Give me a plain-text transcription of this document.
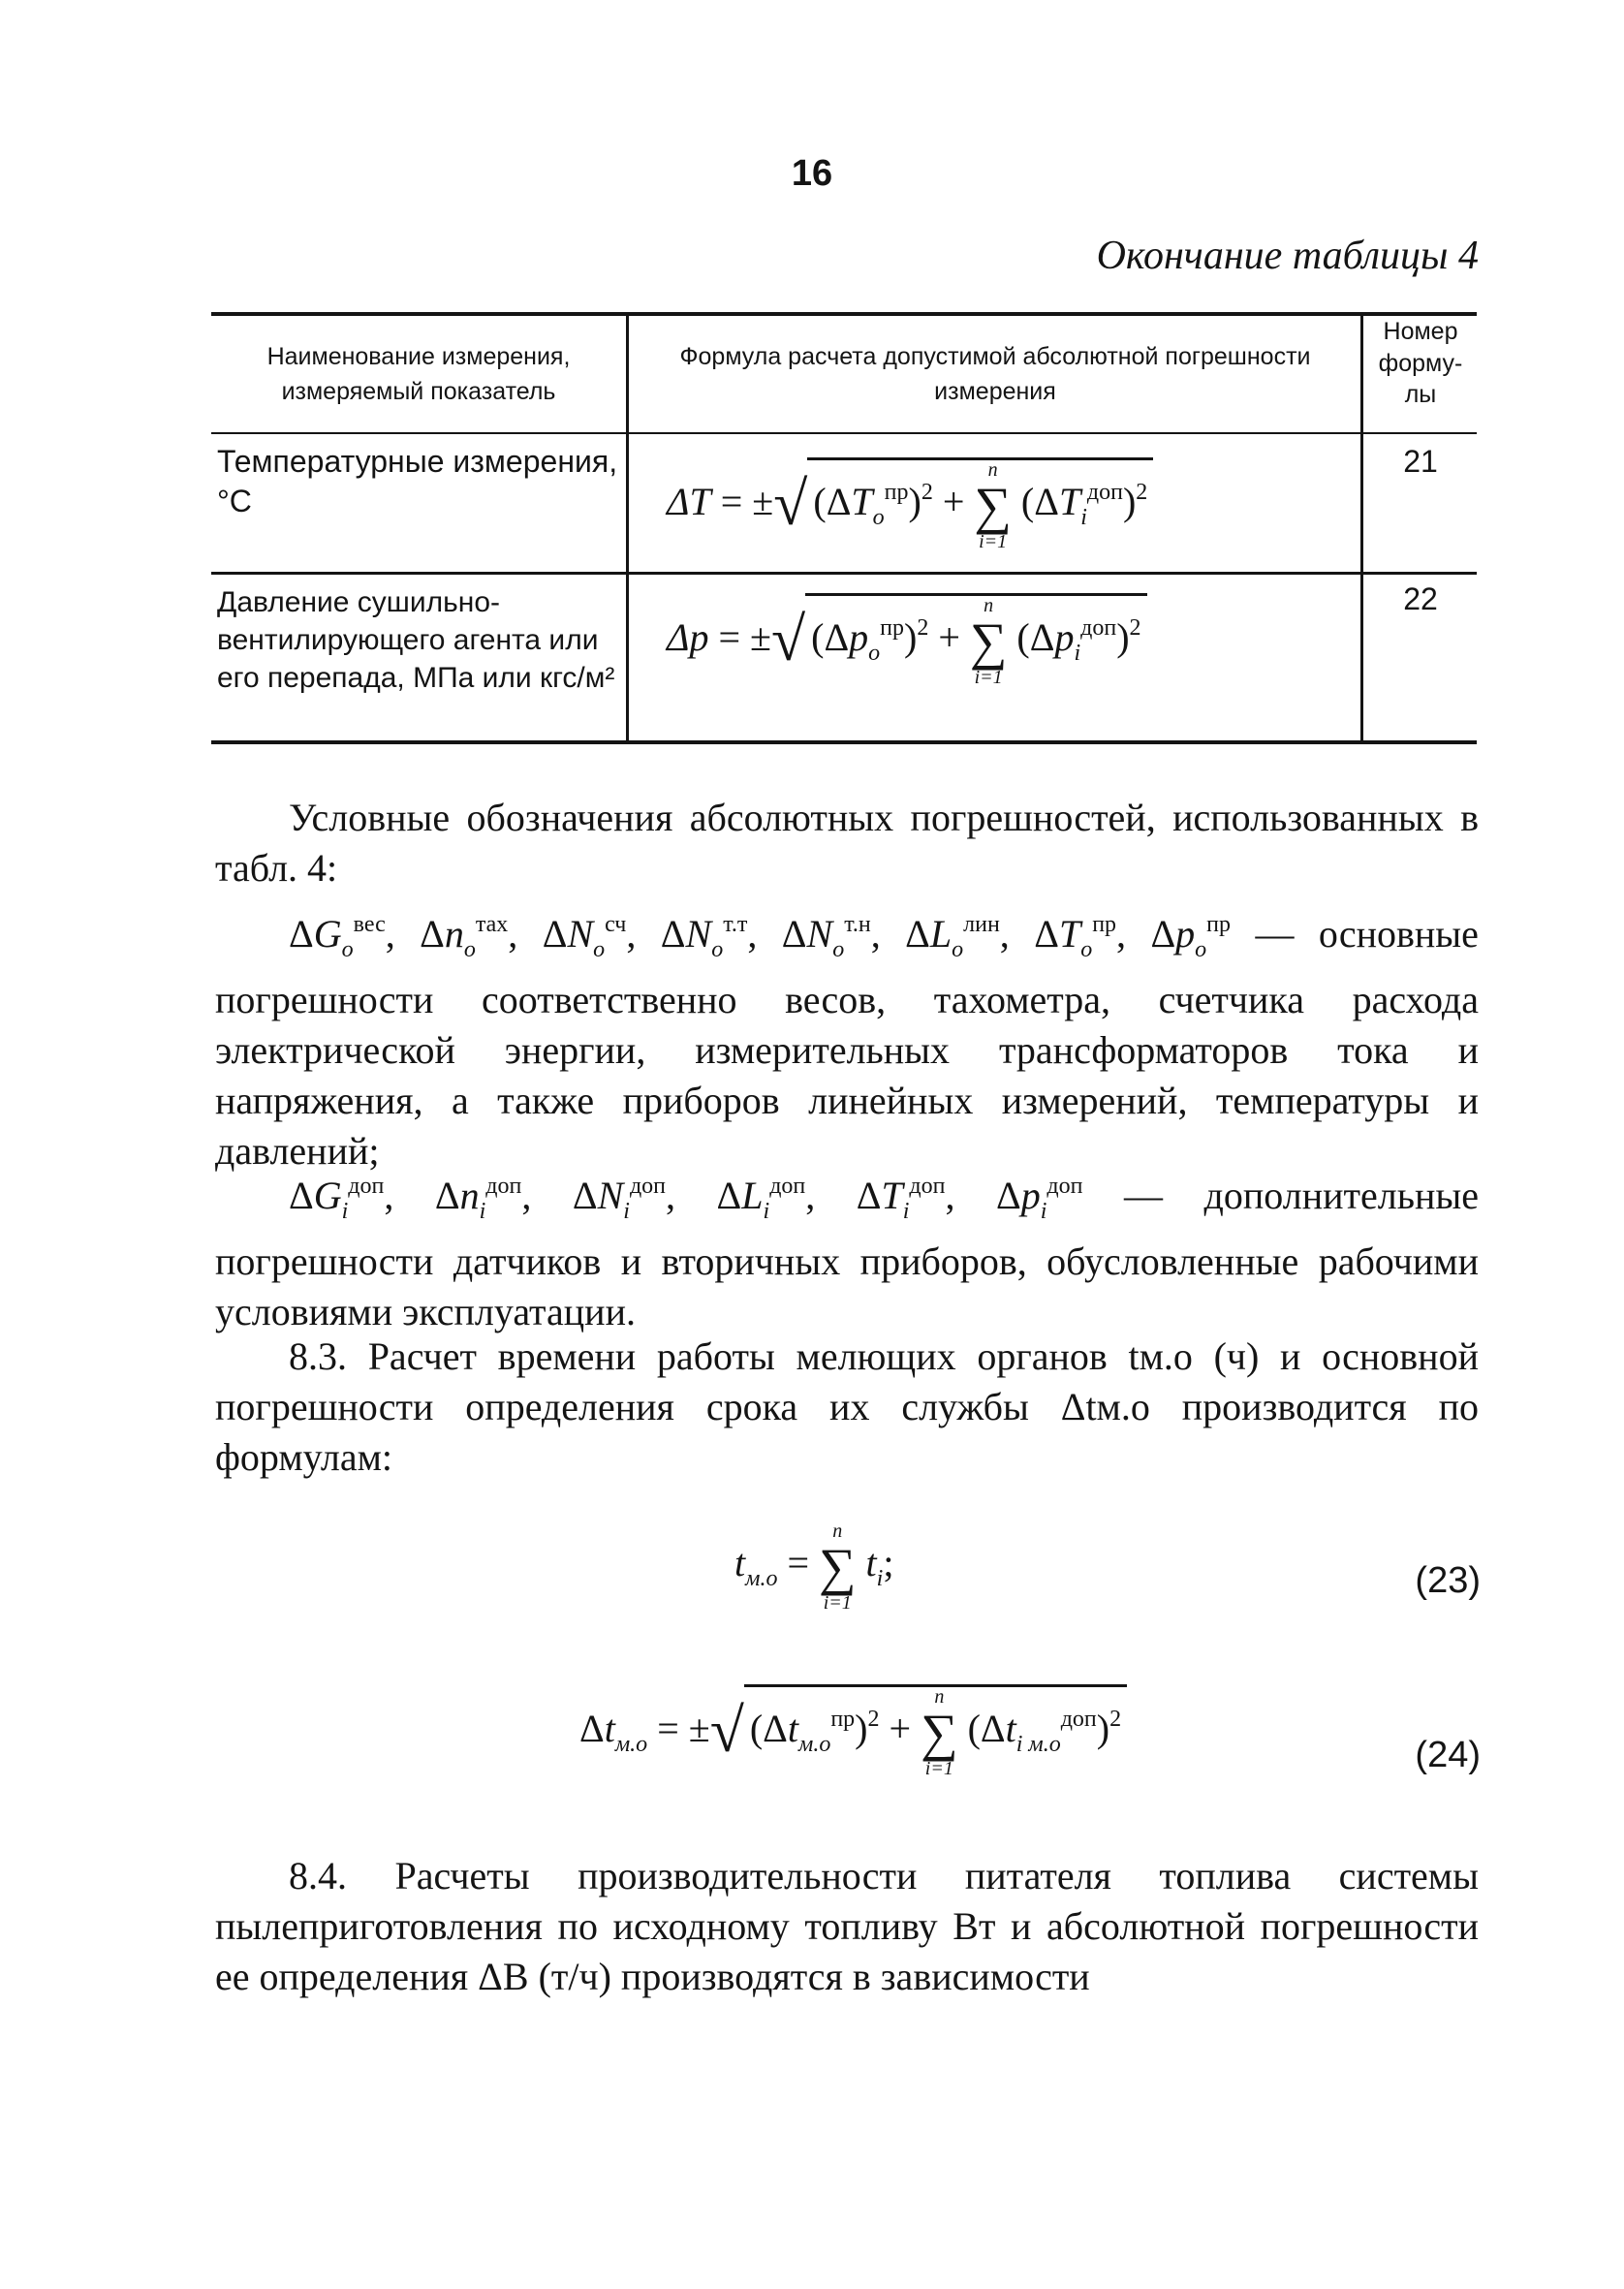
16
Окончание таблицы 4
Наименование измерения, измеряемый показатель
Формула расчета допустимой абсолютной погрешности измерения
Номер форму-лы
Температурные измерения, °С	ΔT = ±√ $(\Delta T_o^{пр})^2$ +
n
∑
i=1
$(\Delta T_i^{доп})^2$
21
Давление сушильно-вентилирующего агента или его перепада, МПа или кгс/м²
Δp = ±√ $(\Delta p_o^{пр})^2$ +
n
∑
i=1
$(\Delta p_i^{доп})^2$
22
Условные обозначения абсолютных погрешностей, использованных в табл. 4:
$\Delta G_o^{вес}$, $\Delta n_o^{тах}$, $\Delta N_o^{сч}$, $\Delta N_o^{т.т}$, $\Delta N_o^{т.н}$, $\Delta L_o^{лин}$, $\Delta T_o^{пр}$, $\Delta p_o^{пр}$ — основные погрешности соответственно весов, тахометра, счетчика расхода электрической энергии, измерительных трансформаторов тока и напряжения, а также приборов линейных измерений, температуры и давлений;
$\Delta G_i^{доп}$, $\Delta n_i^{доп}$, $\Delta N_i^{доп}$, $\Delta L_i^{доп}$, $\Delta T_i^{доп}$, $\Delta p_i^{доп}$ — дополнительные погрешности датчиков и вторичных приборов, обусловленные рабочими условиями эксплуатации.
8.3. Расчет времени работы мелющих органов tм.о (ч) и основной погрешности определения срока их службы Δtм.о производится по формулам:
$t_{м.о}$ =
n
∑
i=1
$t_i$;	(23)
$\Delta t_{м.о}$ = ±√ $(\Delta t_{м.о}^{пр})^2$ +
n
∑
i=1
$(\Delta t_{i м.о}^{доп})^2$
(24)
8.4. Расчеты производительности питателя топлива системы пылеприготовления по исходному топливу Bт и абсолютной погрешности ее определения ΔB (т/ч) производятся в зависимости
